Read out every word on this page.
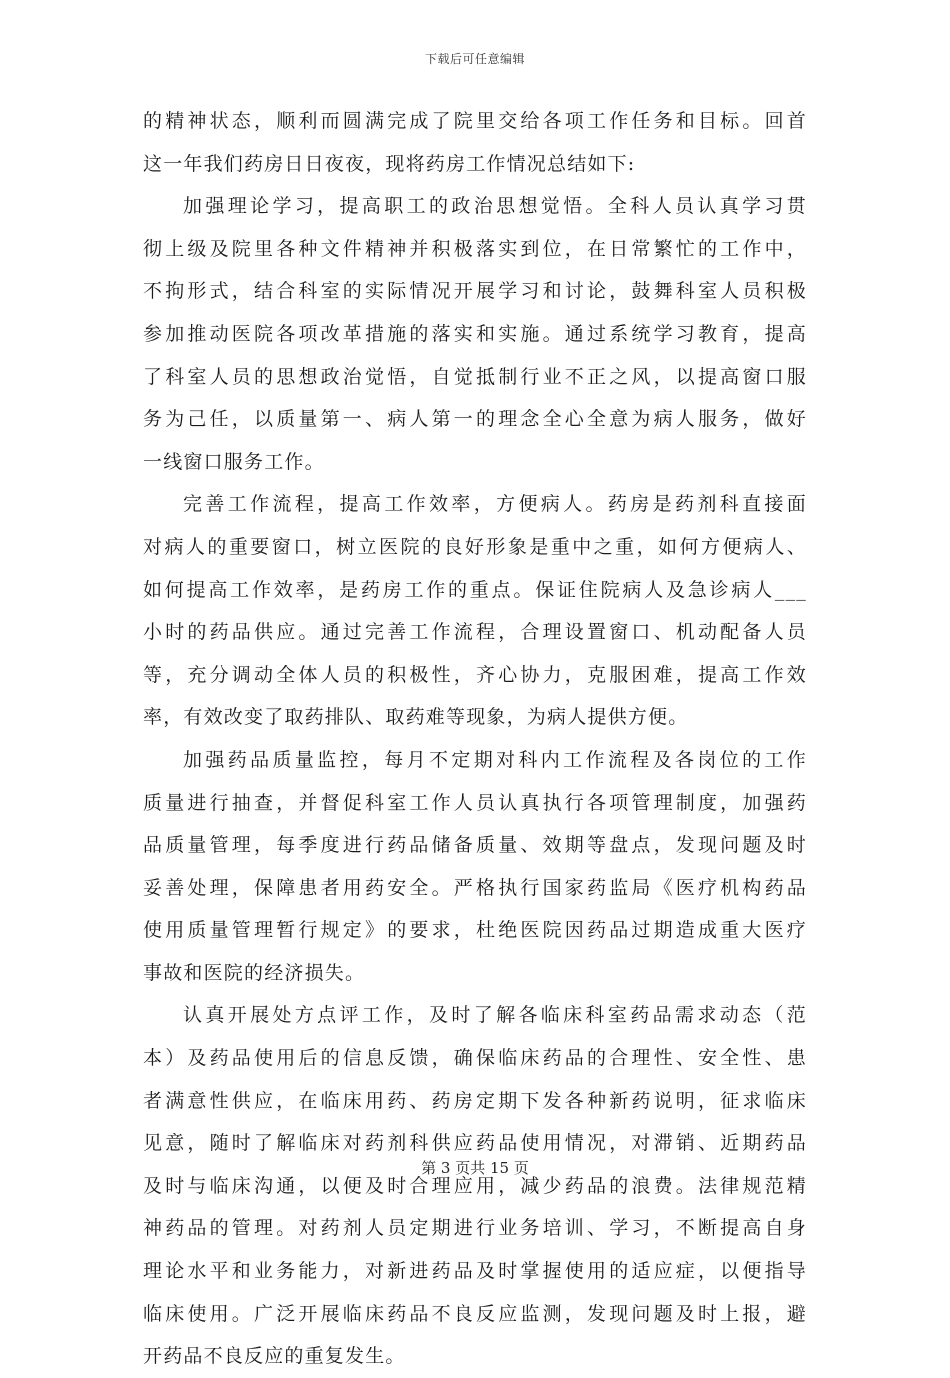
下载后可任意编辑
的精神状态，顺利而圆满完成了院里交给各项工作任务和目标。回首
这一年我们药房日日夜夜，现将药房工作情况总结如下:
加强理论学习，提高职工的政治思想觉悟。全科人员认真学习贯
彻上级及院里各种文件精神并积极落实到位，在日常繁忙的工作中，
不拘形式，结合科室的实际情况开展学习和讨论，鼓舞科室人员积极
参加推动医院各项改革措施的落实和实施。通过系统学习教育，提高
了科室人员的思想政治觉悟，自觉抵制行业不正之风，以提高窗口服
务为己任，以质量第一、病人第一的理念全心全意为病人服务，做好
一线窗口服务工作。
完善工作流程，提高工作效率，方便病人。药房是药剂科直接面
对病人的重要窗口，树立医院的良好形象是重中之重，如何方便病人、
如何提高工作效率，是药房工作的重点。保证住院病人及急诊病人___
小时的药品供应。通过完善工作流程，合理设置窗口、机动配备人员
等，充分调动全体人员的积极性，齐心协力，克服困难，提高工作效
率，有效改变了取药排队、取药难等现象，为病人提供方便。
加强药品质量监控，每月不定期对科内工作流程及各岗位的工作
质量进行抽查，并督促科室工作人员认真执行各项管理制度，加强药
品质量管理，每季度进行药品储备质量、效期等盘点，发现问题及时
妥善处理，保障患者用药安全。严格执行国家药监局《医疗机构药品
使用质量管理暂行规定》的要求，杜绝医院因药品过期造成重大医疗
事故和医院的经济损失。
认真开展处方点评工作，及时了解各临床科室药品需求动态（范
本）及药品使用后的信息反馈，确保临床药品的合理性、安全性、患
者满意性供应，在临床用药、药房定期下发各种新药说明，征求临床
见意，随时了解临床对药剂科供应药品使用情况，对滞销、近期药品
及时与临床沟通，以便及时合理应用，减少药品的浪费。法律规范精
神药品的管理。对药剂人员定期进行业务培训、学习，不断提高自身
理论水平和业务能力，对新进药品及时掌握使用的适应症，以便指导
临床使用。广泛开展临床药品不良反应监测，发现问题及时上报，避
开药品不良反应的重复发生。
第 3 页共 15 页
